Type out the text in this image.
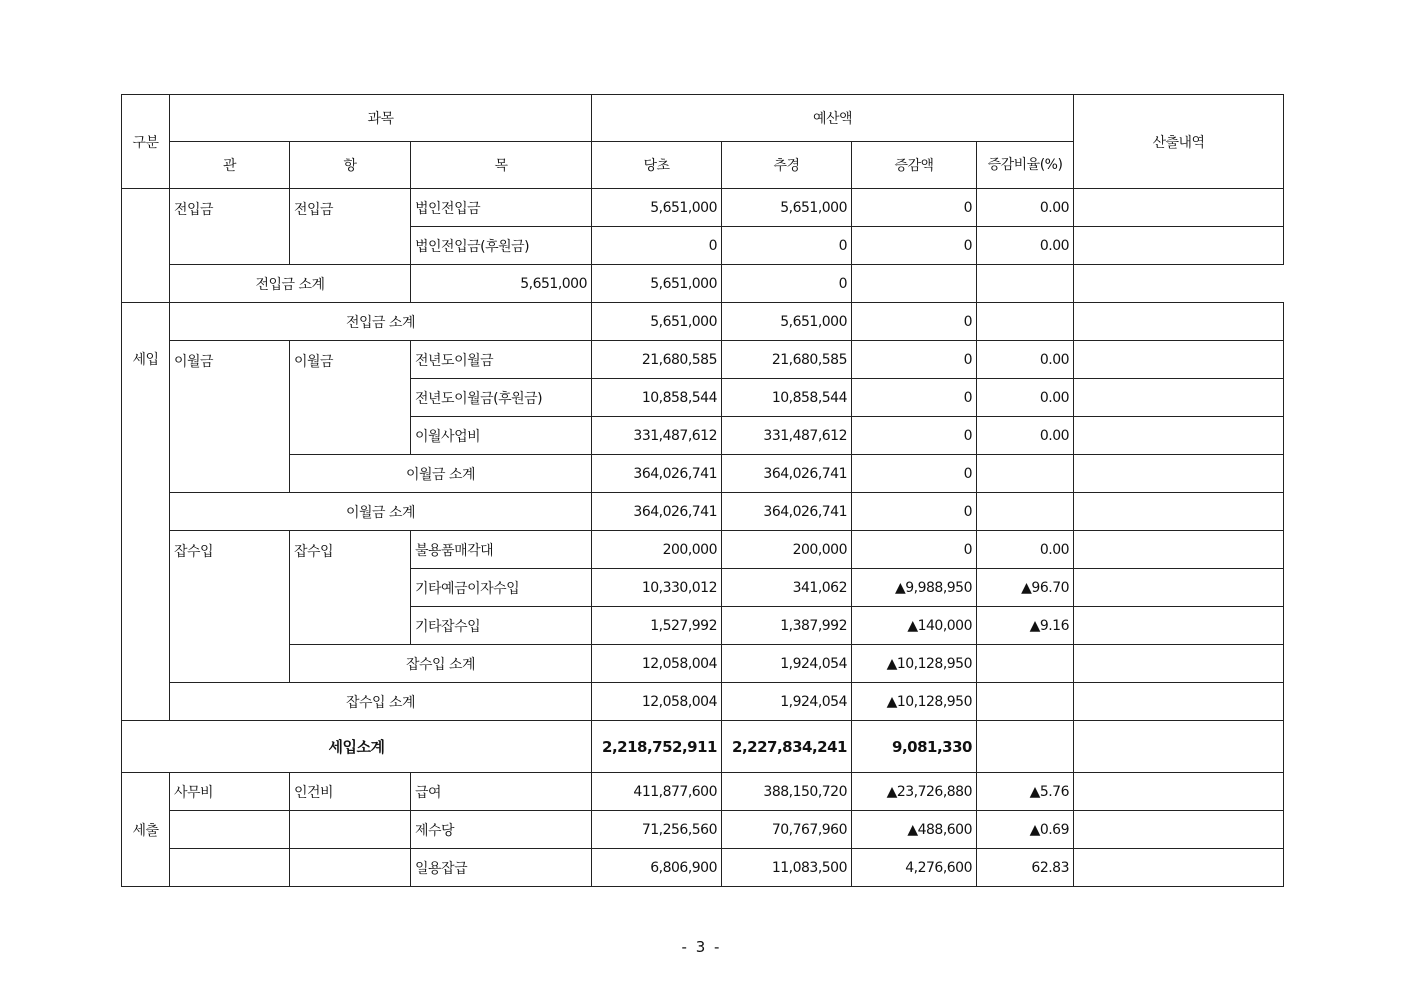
구분	과목			예산액				산출내역
	관	항	목	당초	추경	증감액	증감비율(%)	
	전입금	전입금	법인전입금	5,651,000	5,651,000	0	0.00	
			법인전입금(후원금)	0	0	0	0.00	
	전입금 소계		5,651,000	5,651,000	0			
세입	전입금 소계			5,651,000	5,651,000	0		
	이월금	이월금	전년도이월금	21,680,585	21,680,585	0	0.00	
			전년도이월금(후원금)	10,858,544	10,858,544	0	0.00	
			이월사업비	331,487,612	331,487,612	0	0.00	
		이월금 소계		364,026,741	364,026,741	0		
	이월금 소계			364,026,741	364,026,741	0		
	잡수입	잡수입	불용품매각대	200,000	200,000	0	0.00	
			기타예금이자수입	10,330,012	341,062	▲9,988,950	▲96.70	
			기타잡수입	1,527,992	1,387,992	▲140,000	▲9.16	
		잡수입 소계		12,058,004	1,924,054	▲10,128,950		
	잡수입 소계			12,058,004	1,924,054	▲10,128,950		
세입소계				2,218,752,911	2,227,834,241	9,081,330		
세출	사무비	인건비	급여	411,877,600	388,150,720	▲23,726,880	▲5.76	
			제수당	71,256,560	70,767,960	▲488,600	▲0.69	
			일용잡급	6,806,900	11,083,500	4,276,600	62.83	
- 3 -
